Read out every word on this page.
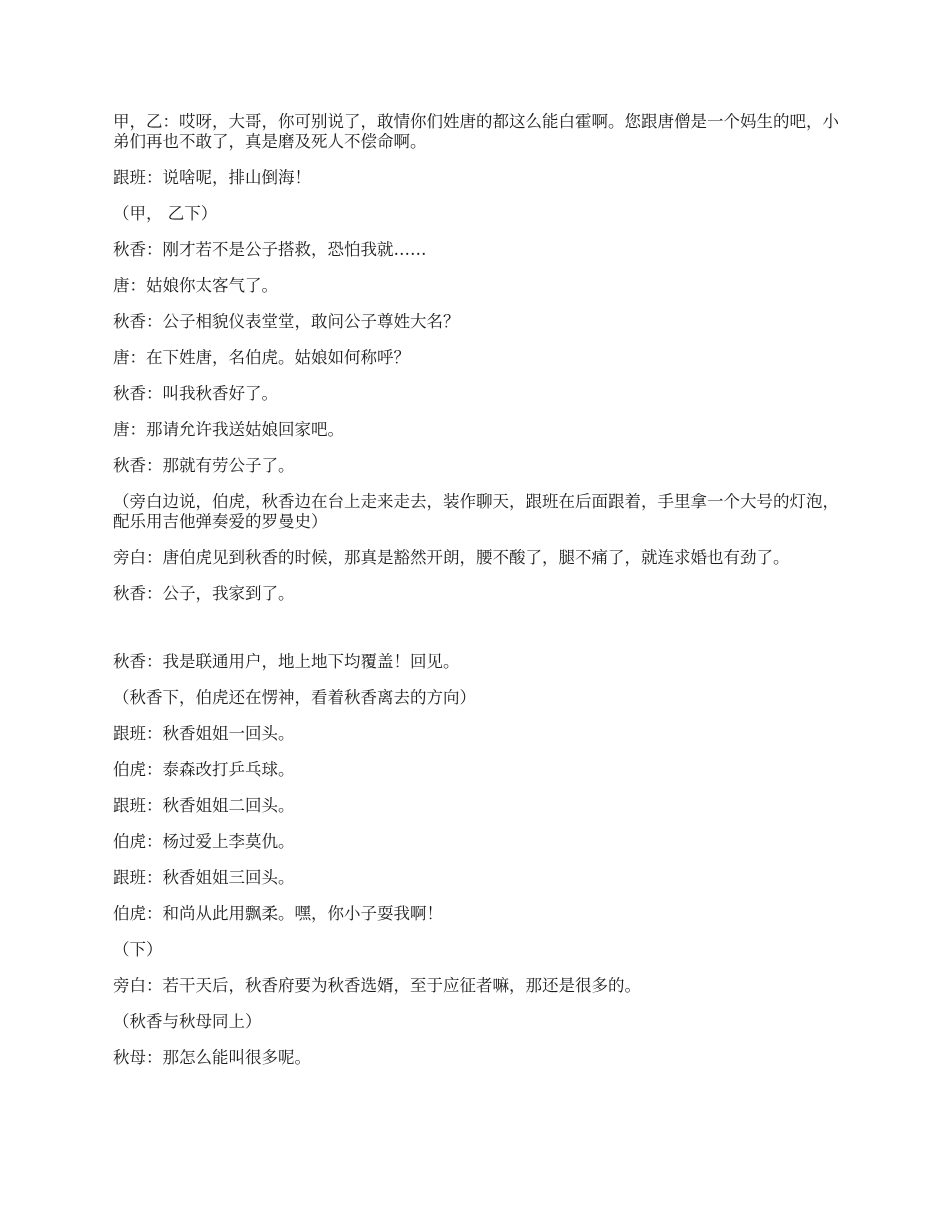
甲，乙：哎呀，大哥，你可别说了，敢情你们姓唐的都这么能白霍啊。您跟唐僧是一个妈生的吧，小弟们再也不敢了，真是磨及死人不偿命啊。

跟班：说啥呢，排山倒海！

（甲， 乙下）

秋香：刚才若不是公子搭救，恐怕我就……

唐：姑娘你太客气了。

秋香：公子相貌仪表堂堂，敢问公子尊姓大名？

唐：在下姓唐，名伯虎。姑娘如何称呼？

秋香：叫我秋香好了。

唐：那请允许我送姑娘回家吧。

秋香：那就有劳公子了。

（旁白边说，伯虎，秋香边在台上走来走去，装作聊天，跟班在后面跟着，手里拿一个大号的灯泡，配乐用吉他弹奏爱的罗曼史）

旁白：唐伯虎见到秋香的时候，那真是豁然开朗，腰不酸了，腿不痛了，就连求婚也有劲了。

秋香：公子，我家到了。

秋香：我是联通用户，地上地下均覆盖！回见。

（秋香下，伯虎还在愣神，看着秋香离去的方向）

跟班：秋香姐姐一回头。

伯虎：泰森改打乒乓球。

跟班：秋香姐姐二回头。

伯虎：杨过爱上李莫仇。

跟班：秋香姐姐三回头。

伯虎：和尚从此用飘柔。嘿，你小子耍我啊！

（下）

旁白：若干天后，秋香府要为秋香选婿，至于应征者嘛，那还是很多的。

（秋香与秋母同上）

秋母：那怎么能叫很多呢。
